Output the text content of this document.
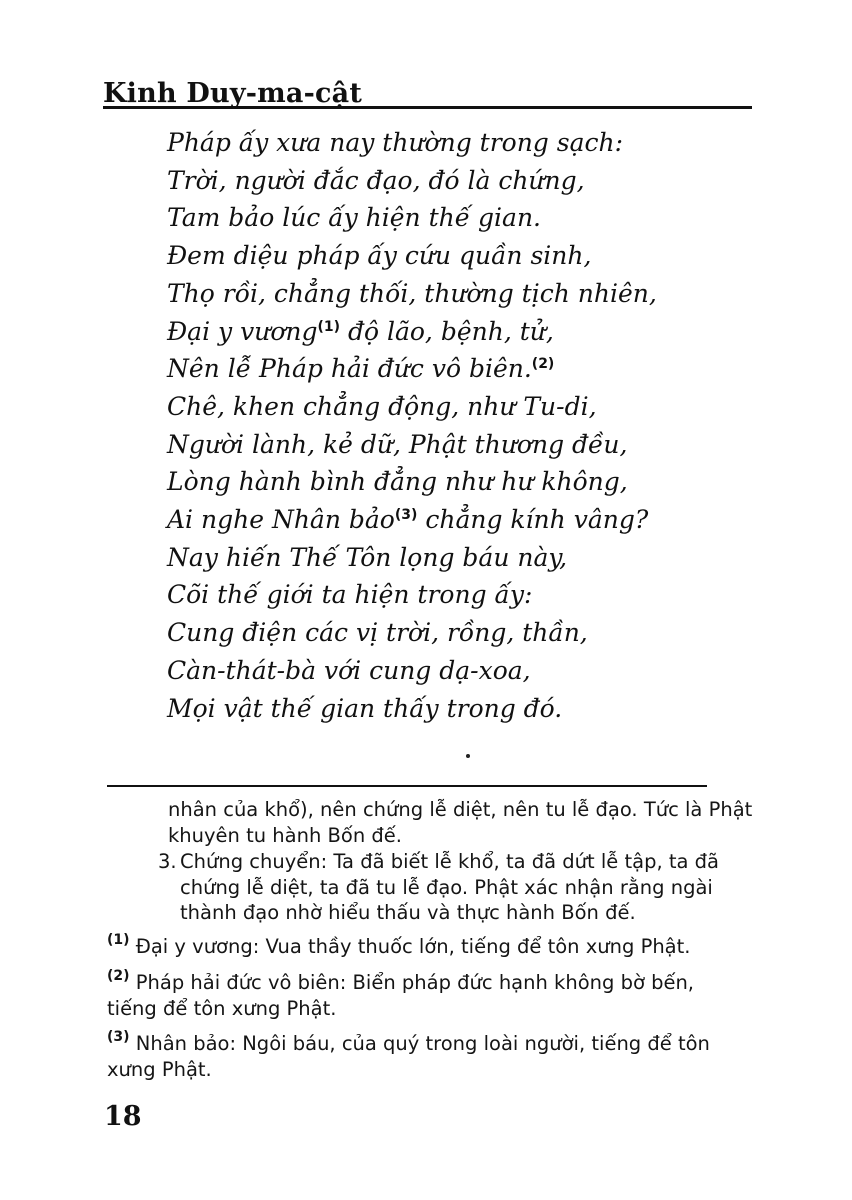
Kinh Duy-ma-cật
Pháp ấy xưa nay thường trong sạch:
Trời, người đắc đạo, đó là chứng,
Tam bảo lúc ấy hiện thế gian.
Đem diệu pháp ấy cứu quần sinh,
Thọ rồi, chẳng thối, thường tịch nhiên,
Đại y vương$^{(1)}$ độ lão, bệnh, tử,
Nên lễ Pháp hải đức vô biên.$^{(2)}$
Chê, khen chẳng động, như Tu-di,
Người lành, kẻ dữ, Phật thương đều,
Lòng hành bình đẳng như hư không,
Ai nghe Nhân bảo$^{(3)}$ chẳng kính vâng?
Nay hiến Thế Tôn lọng báu này,
Cõi thế giới ta hiện trong ấy:
Cung điện các vị trời, rồng, thần,
Càn-thát-bà với cung dạ-xoa,
Mọi vật thế gian thấy trong đó.
nhân của khổ), nên chứng lễ diệt, nên tu lễ đạo. Tức là Phật
khuyên tu hành Bốn đế.
3. Chứng chuyển: Ta đã biết lễ khổ, ta đã dứt lễ tập, ta đã
chứng lễ diệt, ta đã tu lễ đạo. Phật xác nhận rằng ngài
thành đạo nhờ hiểu thấu và thực hành Bốn đế.
$^{(1)}$ Đại y vương: Vua thầy thuốc lớn, tiếng để tôn xưng Phật.
$^{(2)}$ Pháp hải đức vô biên: Biển pháp đức hạnh không bờ bến,
tiếng để tôn xưng Phật.
$^{(3)}$ Nhân bảo: Ngôi báu, của quý trong loài người, tiếng để tôn
xưng Phật.

18
